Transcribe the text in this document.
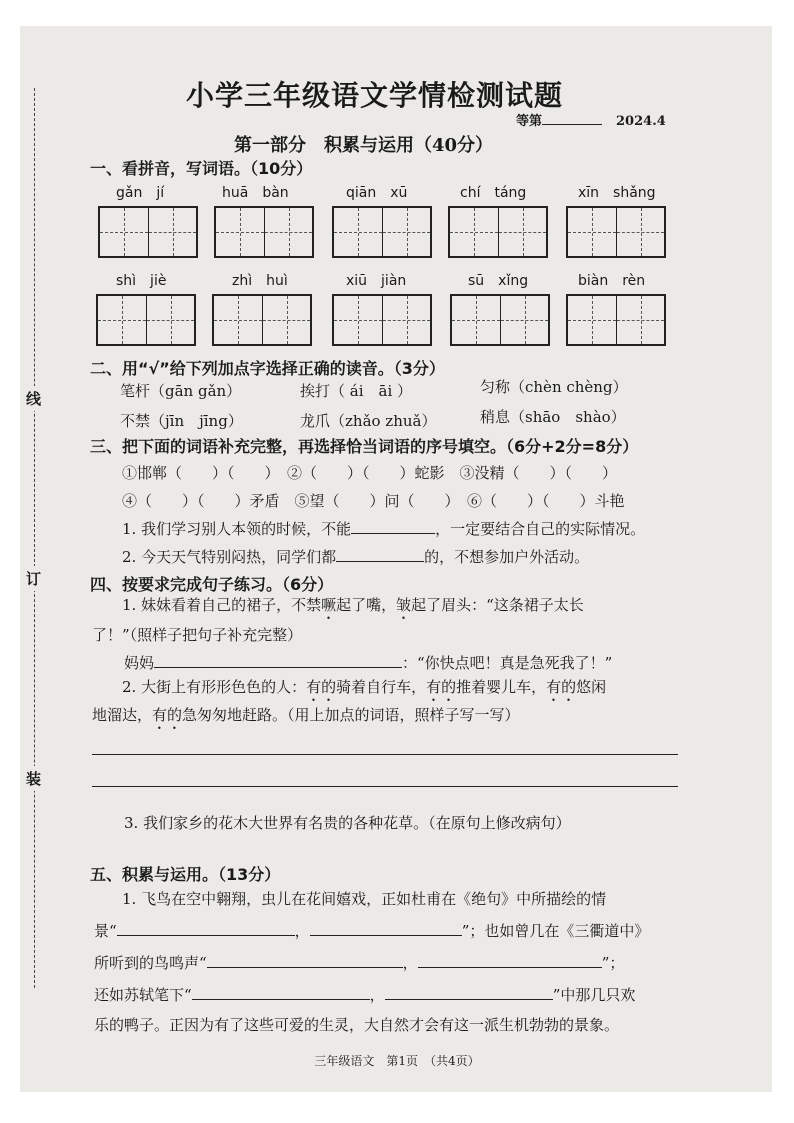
线
订
装
小学三年级语文学情检测试题
等第	2024.4
第一部分　积累与运用（40分）
一、看拼音，写词语。（10分）
gǎn　jí	huā　bàn	qiān　xū	chí　táng	xīn　shǎng
shì　jiè	zhì　huì	xiū　jiàn	sū　xǐng	biàn　rèn
二、用“√”给下列加点字选择正确的读音。（3分）
笔杆（gān gǎn）	挨打（ ái　āi ）	匀称（chèn chèng）
不禁（jīn　jīng）	龙爪（zhǎo zhuǎ）	稍息（shāo　shào）
三、把下面的词语补充完整，再选择恰当词语的序号填空。（6分+2分=8分）
①邯郸（　　）（　　）　②（　　）（　　）蛇影　③没精（　　）（　　）
④（　　）（　　）矛盾　⑤望（　　）问（　　）　⑥（　　）（　　）斗艳
1. 我们学习别人本领的时候，不能	，一定要结合自己的实际情况。
2. 今天天气特别闷热，同学们都	的，不想参加户外活动。
四、按要求完成句子练习。（6分）
1. 妹妹看着自己的裙子，不禁噘起了嘴，皱起了眉头：“这条裙子太长
了！”（照样子把句子补充完整）
妈妈	：“你快点吧！真是急死我了！”
2. 大街上有形形色色的人：有的骑着自行车，有的推着婴儿车，有的悠闲
地溜达，有的急匆匆地赶路。（用上加点的词语，照样子写一写）
3. 我们家乡的花木大世界有名贵的各种花草。（在原句上修改病句）
五、积累与运用。（13分）
1. 飞鸟在空中翱翔，虫儿在花间嬉戏，正如杜甫在《绝句》中所描绘的情
景“	，	”；也如曾几在《三衢道中》
所听到的鸟鸣声“	，	”；
还如苏轼笔下“	，	”中那几只欢
乐的鸭子。正因为有了这些可爱的生灵，大自然才会有这一派生机勃勃的景象。
三年级语文　第1页　（共4页）
